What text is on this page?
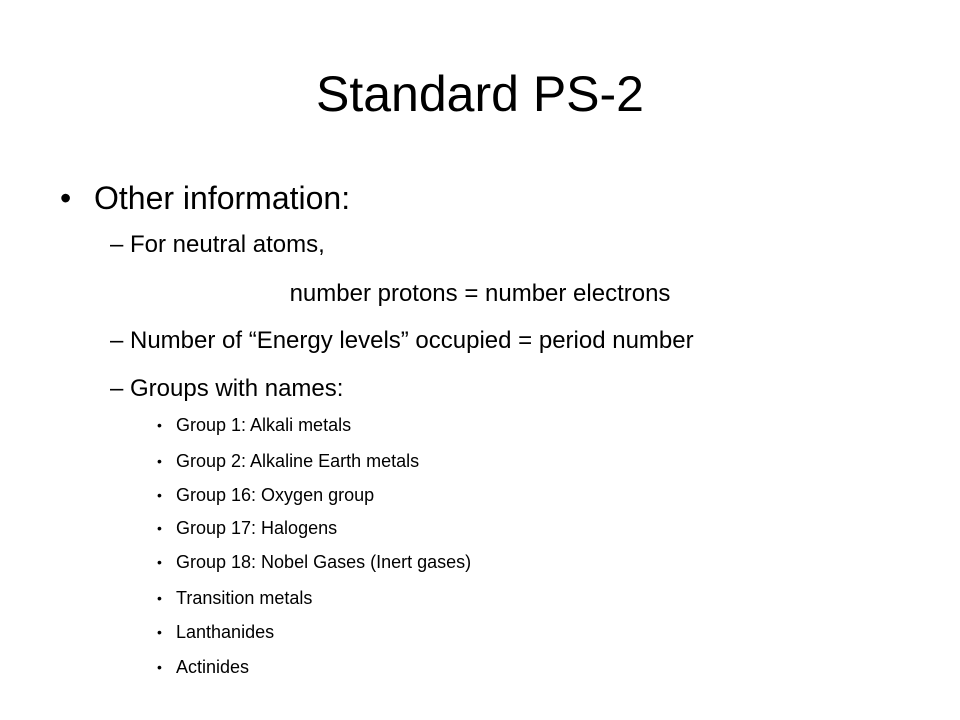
Standard PS-2
• Other information:
– For neutral atoms,
number protons = number electrons
– Number of “Energy levels” occupied = period number
– Groups with names:
• Group 1: Alkali metals
• Group 2: Alkaline Earth metals
• Group 16: Oxygen group
• Group 17: Halogens
• Group 18: Nobel Gases (Inert gases)
• Transition metals
• Lanthanides
• Actinides
